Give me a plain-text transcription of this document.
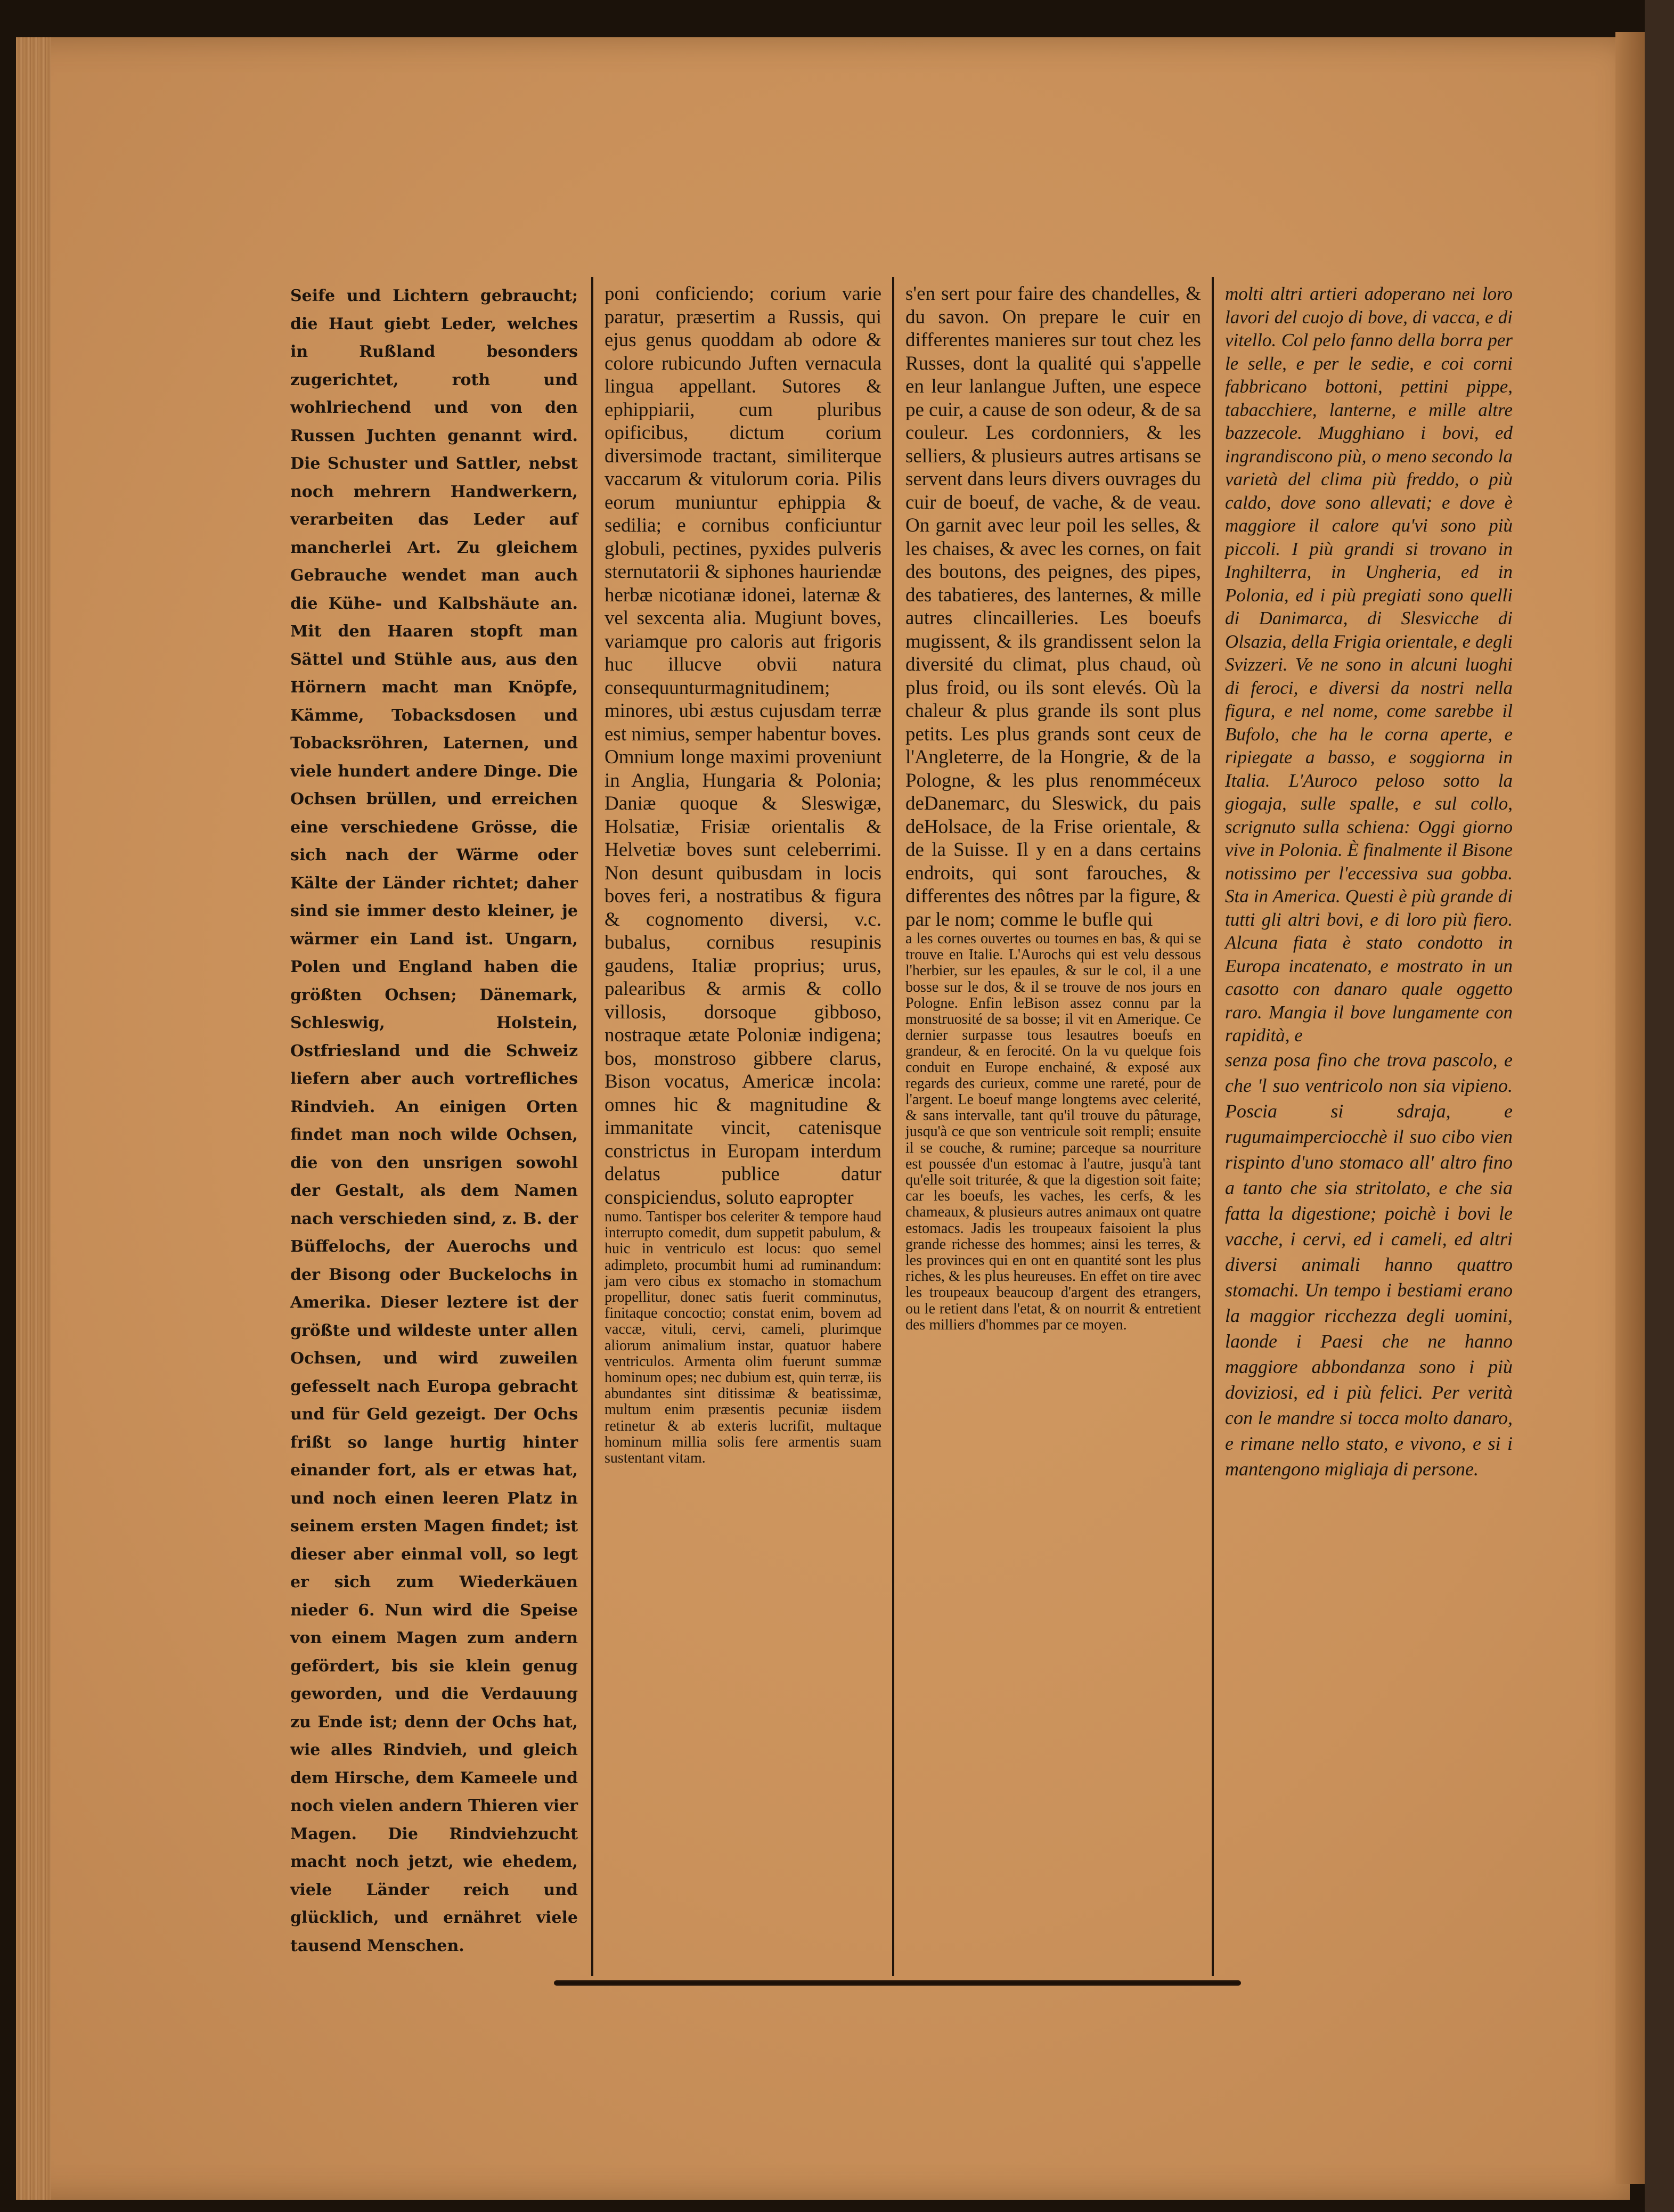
Seife und Lichtern gebraucht; die Haut giebt Leder, welches in Rußland besonders zugerichtet, roth und wohlriechend und von den Russen Juchten genannt wird. Die Schuster und Sattler, nebst noch mehrern Handwerkern, verarbeiten das Leder auf mancherlei Art. Zu gleichem Gebrauche wendet man auch die Kühe- und Kalbshäute an. Mit den Haaren stopft man Sättel und Stühle aus, aus den Hörnern macht man Knöpfe, Kämme, Tobacksdosen und Tobacksröhren, Laternen, und viele hundert andere Dinge. Die Ochsen brüllen, und erreichen eine verschiedene Grösse, die sich nach der Wärme oder Kälte der Länder richtet; daher sind sie immer desto kleiner, je wärmer ein Land ist. Ungarn, Polen und England haben die größten Ochsen; Dänemark, Schleswig, Holstein, Ostfriesland und die Schweiz liefern aber auch vortrefliches Rindvieh. An einigen Orten findet man noch wilde Ochsen, die von den unsrigen sowohl der Gestalt, als dem Namen nach verschieden sind, z. B. der Büffelochs, der Auerochs und der Bisong oder Buckelochs in Amerika. Dieser leztere ist der größte und wildeste unter allen Ochsen, und wird zuweilen gefesselt nach Europa gebracht und für Geld gezeigt. Der Ochs frißt so lange hurtig hinter einander fort, als er etwas hat, und noch einen leeren Platz in seinem ersten Magen findet; ist dieser aber einmal voll, so legt er sich zum Wiederkäuen nieder 6. Nun wird die Speise von einem Magen zum andern gefördert, bis sie klein genug geworden, und die Verdauung zu Ende ist; denn der Ochs hat, wie alles Rindvieh, und gleich dem Hirsche, dem Kameele und noch vielen andern Thieren vier Magen. Die Rindviehzucht macht noch jetzt, wie ehedem, viele Länder reich und glücklich, und ernähret viele tausend Menschen.

poni conficiendo; corium varie paratur, præsertim a Russis, qui ejus genus quoddam ab odore & colore rubicundo Juften vernacula lingua appellant. Sutores & ephippiarii, cum pluribus opificibus, dictum corium diversimode tractant, similiterque vaccarum & vitulorum coria. Pilis eorum muniuntur ephippia & sedilia; e cornibus conficiuntur globuli, pectines, pyxides pulveris sternutatorii & siphones hauriendæ herbæ nicotianæ idonei, laternæ & vel sexcenta alia. Mugiunt boves, variamque pro caloris aut frigoris huc illucve obvii natura consequunturmagnitudinem; minores, ubi æstus cujusdam terræ est nimius, semper habentur boves. Omnium longe maximi proveniunt in Anglia, Hungaria & Polonia; Daniæ quoque & Sleswigæ, Holsatiæ, Frisiæ orientalis & Helvetiæ boves sunt celeberrimi. Non desunt quibusdam in locis boves feri, a nostratibus & figura & cognomento diversi, v.c. bubalus, cornibus resupinis gaudens, Italiæ proprius; urus, palearibus & armis & collo villosis, dorsoque gibboso, nostraque ætate Poloniæ indigena; bos, monstroso gibbere clarus, Bison vocatus, Americæ incola: omnes hic & magnitudine & immanitate vincit, catenisque constrictus in Europam interdum delatus publice datur conspiciendus, soluto eapropter

numo. Tantisper bos celeriter & tempore haud interrupto comedit, dum suppetit pabulum, & huic in ventriculo est locus: quo semel adimpleto, procumbit humi ad ruminandum: jam vero cibus ex stomacho in stomachum propellitur, donec satis fuerit comminutus, finitaque concoctio; constat enim, bovem ad vaccæ, vituli, cervi, cameli, plurimque aliorum animalium instar, quatuor habere ventriculos. Armenta olim fuerunt summæ hominum opes; nec dubium est, quin terræ, iis abundantes sint ditissimæ & beatissimæ, multum enim præsentis pecuniæ iisdem retinetur & ab exteris lucrifit, multaque hominum millia solis fere armentis suam sustentant vitam.

s'en sert pour faire des chandelles, & du savon. On prepare le cuir en differentes manieres sur tout chez les Russes, dont la qualité qui s'appelle en leur lanlangue Juften, une espece pe cuir, a cause de son odeur, & de sa couleur. Les cordonniers, & les selliers, & plusieurs autres artisans se servent dans leurs divers ouvrages du cuir de boeuf, de vache, & de veau. On garnit avec leur poil les selles, & les chaises, & avec les cornes, on fait des boutons, des peignes, des pipes, des tabatieres, des lanternes, & mille autres clincailleries. Les boeufs mugissent, & ils grandissent selon la diversité du climat, plus chaud, où plus froid, ou ils sont elevés. Où la chaleur & plus grande ils sont plus petits. Les plus grands sont ceux de l'Angleterre, de la Hongrie, & de la Pologne, & les plus renomméceux deDanemarc, du Sleswick, du pais deHolsace, de la Frise orientale, & de la Suisse. Il y en a dans certains endroits, qui sont farouches, & differentes des nôtres par la figure, & par le nom; comme le bufle qui

a les cornes ouvertes ou tournes en bas, & qui se trouve en Italie. L'Aurochs qui est velu dessous l'herbier, sur les epaules, & sur le col, il a une bosse sur le dos, & il se trouve de nos jours en Pologne. Enfin leBison assez connu par la monstruosité de sa bosse; il vit en Amerique. Ce dernier surpasse tous lesautres boeufs en grandeur, & en ferocité. On la vu quelque fois conduit en Europe enchainé, & exposé aux regards des curieux, comme une rareté, pour de l'argent. Le boeuf mange longtems avec celerité, & sans intervalle, tant qu'il trouve du pâturage, jusqu'à ce que son ventricule soit rempli; ensuite il se couche, & rumine; parceque sa nourriture est poussée d'un estomac à l'autre, jusqu'à tant qu'elle soit triturée, & que la digestion soit faite; car les boeufs, les vaches, les cerfs, & les chameaux, & plusieurs autres animaux ont quatre estomacs. Jadis les troupeaux faisoient la plus grande richesse des hommes; ainsi les terres, & les provinces qui en ont en quantité sont les plus riches, & les plus heureuses. En effet on tire avec les troupeaux beaucoup d'argent des etrangers, ou le retient dans l'etat, & on nourrit & entretient des milliers d'hommes par ce moyen.

molti altri artieri adoperano nei loro lavori del cuojo di bove, di vacca, e di vitello. Col pelo fanno della borra per le selle, e per le sedie, e coi corni fabbricano bottoni, pettini pippe, tabacchiere, lanterne, e mille altre bazzecole. Mugghiano i bovi, ed ingrandiscono più, o meno secondo la varietà del clima più freddo, o più caldo, dove sono allevati; e dove è maggiore il calore qu'vi sono più piccoli. I più grandi si trovano in Inghilterra, in Ungheria, ed in Polonia, ed i più pregiati sono quelli di Danimarca, di Slesvicche di Olsazia, della Frigia orientale, e degli Svizzeri. Ve ne sono in alcuni luoghi di feroci, e diversi da nostri nella figura, e nel nome, come sarebbe il Bufolo, che ha le corna aperte, e ripiegate a basso, e soggiorna in Italia. L'Auroco peloso sotto la giogaja, sulle spalle, e sul collo, scrignuto sulla schiena: Oggi giorno vive in Polonia. È finalmente il Bisone notissimo per l'eccessiva sua gobba. Sta in America. Questi è più grande di tutti gli altri bovi, e di loro più fiero. Alcuna fiata è stato condotto in Europa incatenato, e mostrato in un casotto con danaro quale oggetto raro. Mangia il bove lungamente con rapidità, e

senza posa fino che trova pascolo, e che 'l suo ventricolo non sia vipieno. Poscia si sdraja, e rugumaimperciocchè il suo cibo vien rispinto d'uno stomaco all' altro fino a tanto che sia stritolato, e che sia fatta la digestione; poichè i bovi le vacche, i cervi, ed i cameli, ed altri diversi animali hanno quattro stomachi. Un tempo i bestiami erano la maggior ricchezza degli uomini, laonde i Paesi che ne hanno maggiore abbondanza sono i più doviziosi, ed i più felici. Per verità con le mandre si tocca molto danaro, e rimane nello stato, e vivono, e si i mantengono migliaja di persone.
